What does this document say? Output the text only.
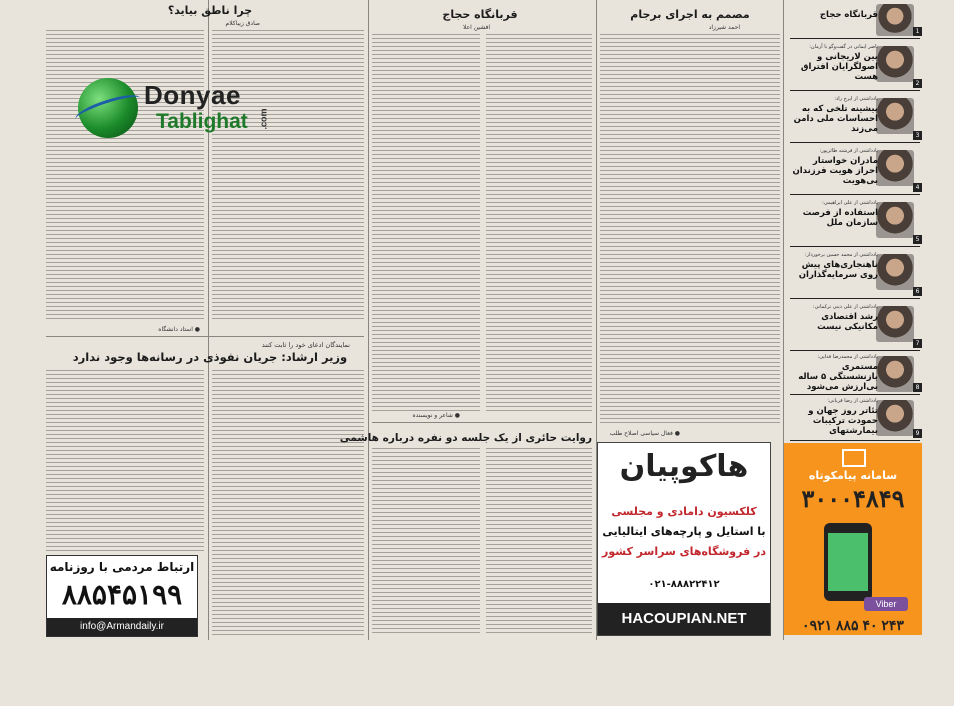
چرا ناطق بیاید؟
صادق زیباکلام
● استاد دانشگاه
نمایندگان ادعای خود را ثابت کنند
وزیر ارشاد: جریان نفوذی در رسانه‌ها وجود ندارد
قربانگاه حجاج
افشین اعلا
● شاعر و نویسنده
روایت حائری از یک جلسه دو نفره درباره هاشمی
مصمم به اجرای برجام
احمد شیرزاد
● فعال سیاسی اصلاح طلب
قربانگاه حجاج
1
ناصر ایمانی در گفت‌وگو با آرمان:
بین لاریجانی و اصولگرایان افتراق هست
2
یادداشتی از ایرج راد:
پیشینه تلخی که به احساسات ملی دامن می‌زند
3
یادداشتی از فرشته طائرپور:
مادران خواستار احراز هویت فرزندان بی‌هویت
4
یادداشتی از علی ابراهیمی:
استفاده از فرصت سازمان ملل
5
یادداشتی از محمد حسین برخوردار:
ناهنجاری‌های پیش روی سرمایه‌گذاران
6
یادداشتی از علی دینی ترکمانی:
رشد اقتصادی مکانیکی نیست
7
یادداشتی از محمدرضا فدایی:
مستمری بازنشستگی ۵ ساله بی‌ارزش می‌شود	8
یادداشتی از رضا قربانی:
تئاتر روز جهان و حمودت ترکیبات بیمارشتهای	9
هاکوپیان
کلکسیون دامادی و مجلسی
با استایل و پارچه‌های ایتالیایی
در فروشگاه‌های سراسر کشور
۰۲۱-۸۸۸۲۲۴۱۲
HACOUPIAN.NET
سامانه پیامکوتاه
۳۰۰۰۴۸۴۹
Viber
۰۹۲۱ ۸۸۵ ۴۰ ۲۴۳
ارتباط مردمی با روزنامه
۸۸۵۴۵۱۹۹
info@Armandaily.ir
Donyae
Tablighat .com
